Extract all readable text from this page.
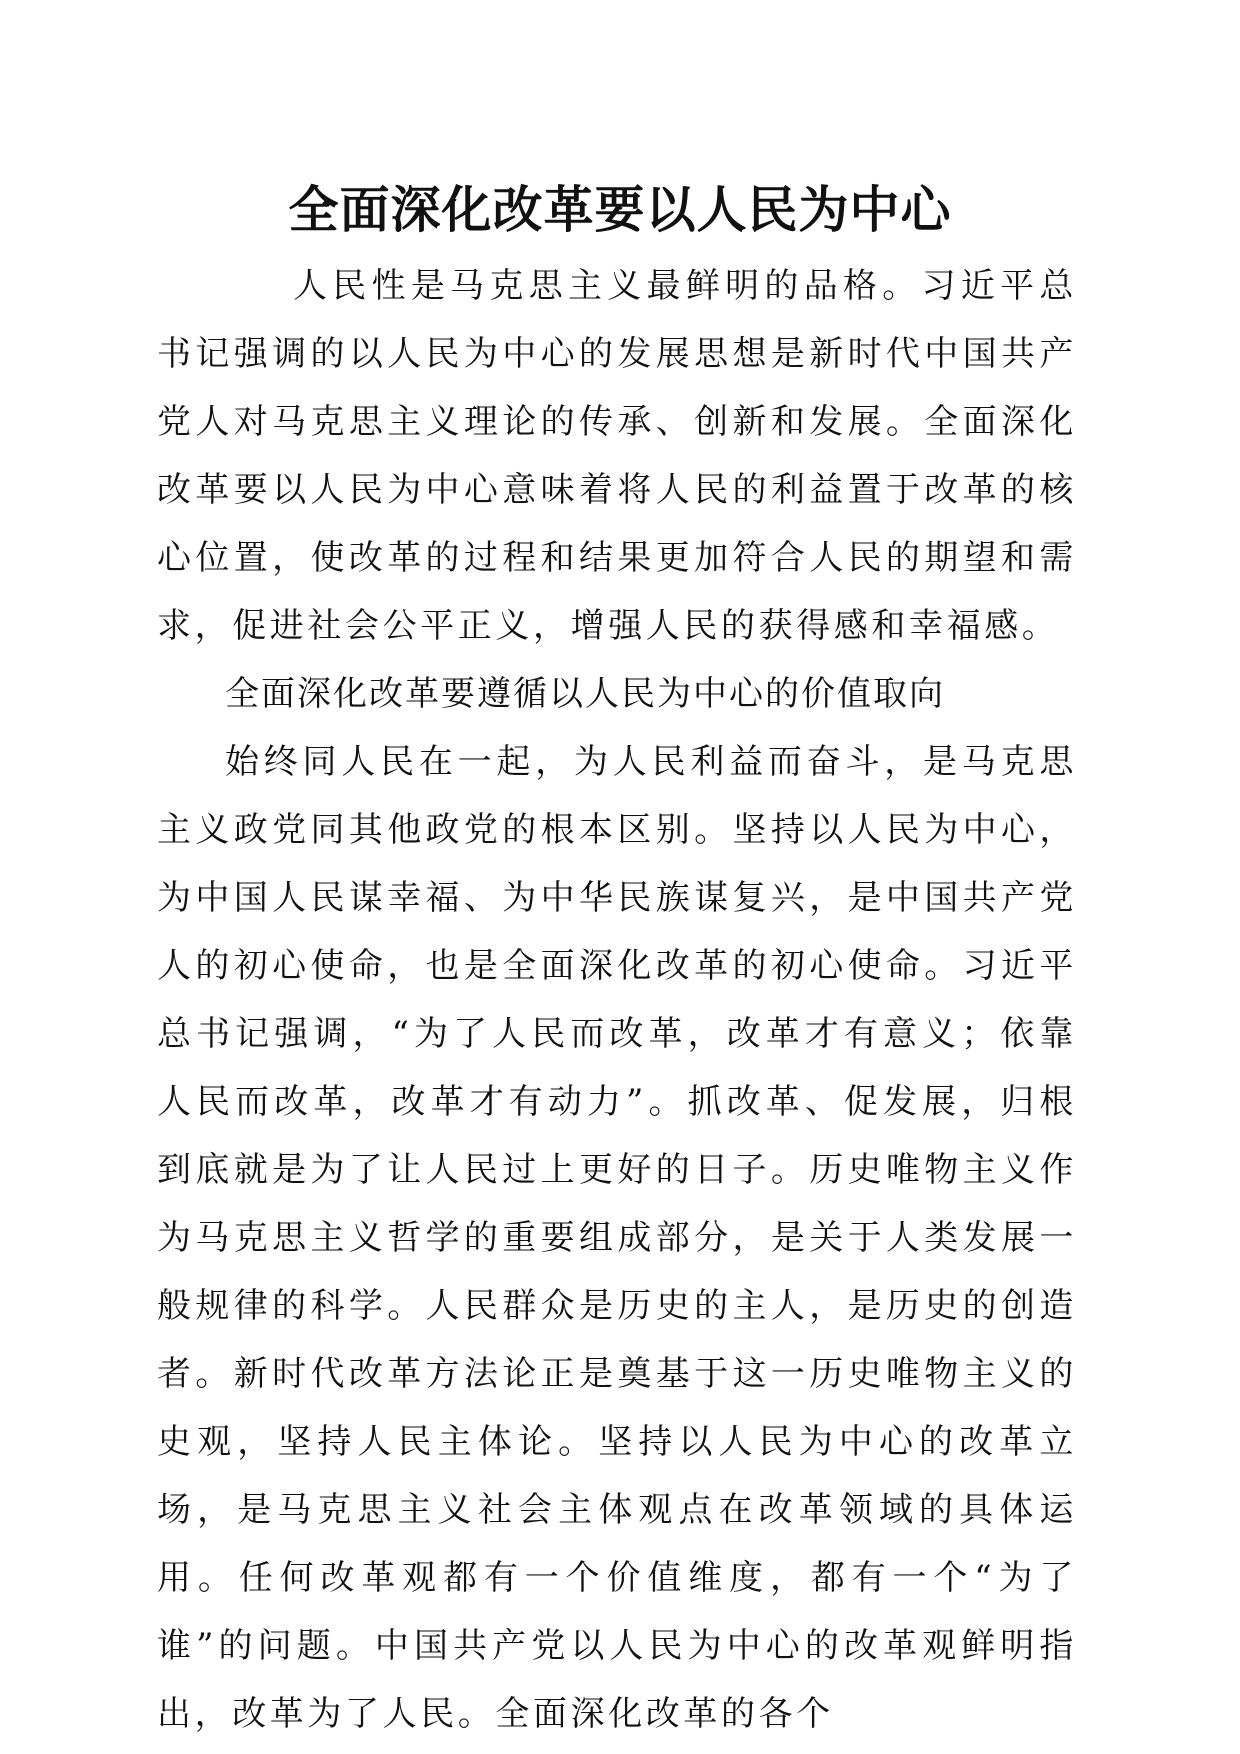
全面深化改革要以人民为中心

人民性是马克思主义最鲜明的品格。习近平总书记强调的以人民为中心的发展思想是新时代中国共产党人对马克思主义理论的传承、创新和发展。全面深化改革要以人民为中心意味着将人民的利益置于改革的核心位置，使改革的过程和结果更加符合人民的期望和需求，促进社会公平正义，增强人民的获得感和幸福感。

全面深化改革要遵循以人民为中心的价值取向

始终同人民在一起，为人民利益而奋斗，是马克思主义政党同其他政党的根本区别。坚持以人民为中心，为中国人民谋幸福、为中华民族谋复兴，是中国共产党人的初心使命，也是全面深化改革的初心使命。习近平总书记强调，“为了人民而改革，改革才有意义；依靠人民而改革，改革才有动力”。抓改革、促发展，归根到底就是为了让人民过上更好的日子。历史唯物主义作为马克思主义哲学的重要组成部分，是关于人类发展一般规律的科学。人民群众是历史的主人，是历史的创造者。新时代改革方法论正是奠基于这一历史唯物主义的史观，坚持人民主体论。坚持以人民为中心的改革立场，是马克思主义社会主体观点在改革领域的具体运用。任何改革观都有一个价值维度，都有一个“为了谁”的问题。中国共产党以人民为中心的改革观鲜明指出，改革为了人民。全面深化改革的各个
